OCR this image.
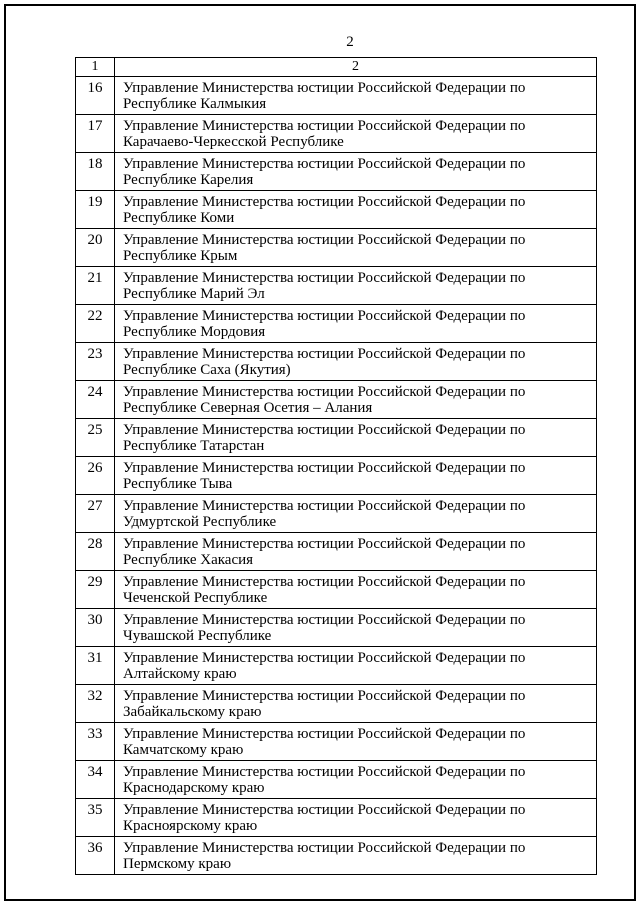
2
1	2
16	Управление Министерства юстиции Российской Федерации по
Республике Калмыкия

17	Управление Министерства юстиции Российской Федерации по
Карачаево-Черкесской Республике

18	Управление Министерства юстиции Российской Федерации по
Республике Карелия

19	Управление Министерства юстиции Российской Федерации по
Республике Коми

20	Управление Министерства юстиции Российской Федерации по
Республике Крым

21	Управление Министерства юстиции Российской Федерации по
Республике Марий Эл

22	Управление Министерства юстиции Российской Федерации по
Республике Мордовия

23	Управление Министерства юстиции Российской Федерации по
Республике Саха (Якутия)

24	Управление Министерства юстиции Российской Федерации по
Республике Северная Осетия – Алания

25	Управление Министерства юстиции Российской Федерации по
Республике Татарстан

26	Управление Министерства юстиции Российской Федерации по
Республике Тыва

27	Управление Министерства юстиции Российской Федерации по
Удмуртской Республике

28	Управление Министерства юстиции Российской Федерации по
Республике Хакасия

29	Управление Министерства юстиции Российской Федерации по
Чеченской Республике

30	Управление Министерства юстиции Российской Федерации по
Чувашской Республике

31	Управление Министерства юстиции Российской Федерации по
Алтайскому краю

32	Управление Министерства юстиции Российской Федерации по
Забайкальскому краю

33	Управление Министерства юстиции Российской Федерации по
Камчатскому краю

34	Управление Министерства юстиции Российской Федерации по
Краснодарскому краю

35	Управление Министерства юстиции Российской Федерации по
Красноярскому краю

36	Управление Министерства юстиции Российской Федерации по
Пермскому краю
